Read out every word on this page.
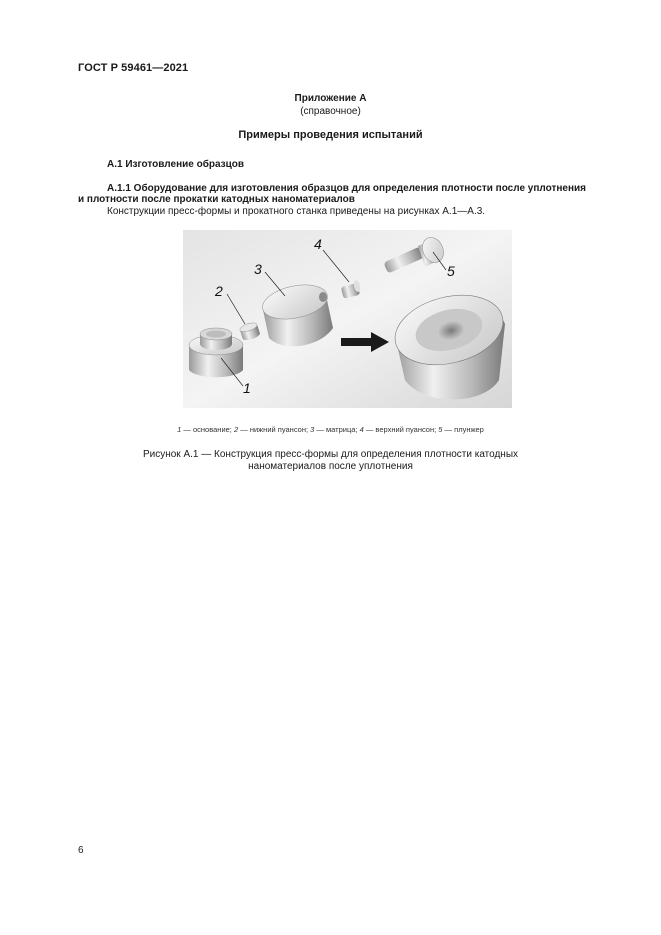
ГОСТ Р 59461—2021
Приложение А
(справочное)
Примеры проведения испытаний
А.1 Изготовление образцов
А.1.1 Оборудование для изготовления образцов для определения плотности после уплотнения
и плотности после прокатки катодных наноматериалов
Конструкции пресс-формы и прокатного станка приведены на рисунках А.1—А.3.
2
3
4
5
1
1 — основание; 2 — нижний пуансон; 3 — матрица; 4 — верхний пуансон; 5 — плунжер
Рисунок А.1 — Конструкция пресс-формы для определения плотности катодных
наноматериалов после уплотнения
6
